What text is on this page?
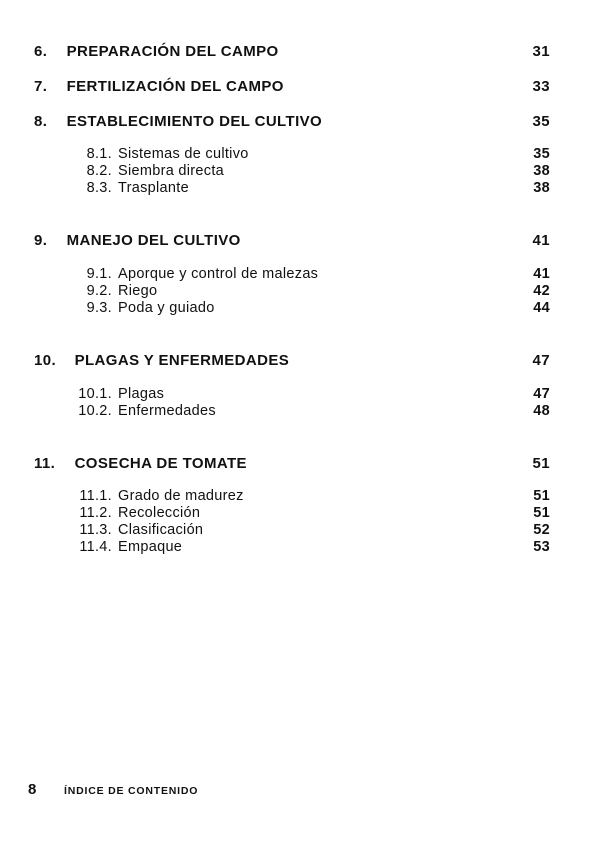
6. PREPARACIÓN DEL CAMPO	31
7. FERTILIZACIÓN DEL CAMPO	33
8. ESTABLECIMIENTO DEL CULTIVO	35
8.1. Sistemas de cultivo	35
8.2. Siembra directa	38
8.3. Trasplante	38
9. MANEJO DEL CULTIVO	41
9.1. Aporque y control de malezas	41
9.2. Riego	42
9.3. Poda y guiado	44
10. PLAGAS Y ENFERMEDADES	47
10.1. Plagas	47
10.2. Enfermedades	48
11. COSECHA DE TOMATE	51
11.1. Grado de madurez	51
11.2. Recolección	51
11.3. Clasificación	52
11.4. Empaque	53
8	ÍNDICE DE CONTENIDO
